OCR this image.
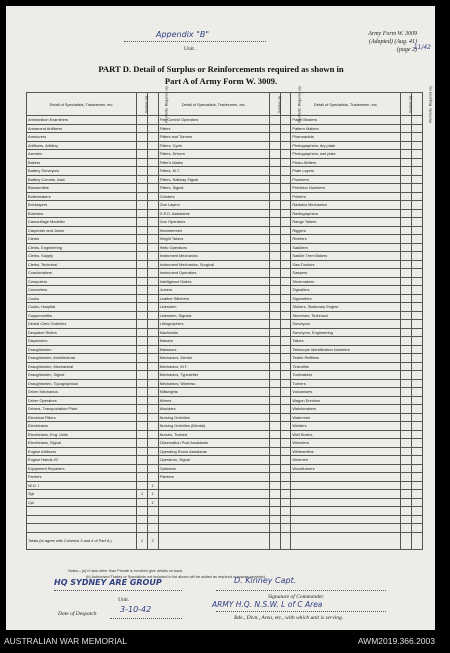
Appendix "B"
Unit.
Army Form W. 3009
(Adapted) (Aug. 41)
(page 2)
11/42
PART D. Detail of Surplus or Reinforcements required as shown in
Part A of Army Form W. 3009.
Detail of Specialists, Tradesmen, etc.	Surplus (a)	Reinforts. Required (a)	Detail of Specialists, Tradesmen, etc.	Surplus (a)	Reinforts. Required (a)	Detail of Specialists, Tradesmen, etc.	Surplus (a)	Reinforts. Required (a)
Ammunition Examiners			Fire Control Operators			Panel Beaters		
Armament Artificers			Fitters			Pattern Makers		
Armourers			Fitters and Turners			Pharmacists		
Artificers, Artillery			Fitters, Cycle			Photographers, dry plate		
Axemen			Fitters, Drivers			Photographers, wet plate		
Bakers			Fitter's Mates			Photo-Writers		
Battery Surveyors			Fitters, M.T.			Plate Layers		
Battery Comdrs. Asst.			Fitters, Railway Signal			Plumbers		
Blacksmiths			Fitters, Signal			Predictor Numbers		
Boilermakers			Grinders			Printers		
Bricklayers			Gun Layers			Radiator Mechanics		
Butchers			G.P.O. Assistants			Radiographers		
Camouflage Modeller			Gun Operators			Range Takers		
Carpenter and Joiner			Hammermen			Riggers		
Clerks			Height Takers			Riveters		
Clerks, Engineering			Helio Operators			Saddlers		
Clerks, Supply			Instrument Mechanics			Saddle Tree Makers		
Clerks, Technical			Instrument Mechanics, Surgical			Saw Doctors		
Coachmakers			Instrument Operators			Sawyers		
Computers			Intelligence Duties			Shoemakers		
Concreters			Joiners			Signallers		
Cooks			Leather Stitchers			Signwriters		
Cooks, Hospital			Linesmen			Stokers, Stationary Engine		
Coppersmiths			Linesmen, Signals			Storemen, Technical		
Dental Clerk Orderlies			Lithographers			Surveyors		
Despatch Riders			Machinists			Surveyors, Engineering		
Dispensers			Masons			Tailors		
Draughtsmen			Masseurs			Telescope Identification Numbers		
Draughtsmen, Architectural			Mechanics, Dental			Textile Refitters		
Draughtsmen, Mechanical			Mechanics, M.T.			Tinsmiths		
Draughtsmen, Signal			Mechanics, Typewriter			Toolmakers		
Draughtsmen, Topographical			Mechanics, Wireless			Turners		
Driver Mechanics			Millwrights			Vulcanisers		
Driver Operators			Miners			Wagon Erectors		
Drivers, Transportation Plant			Moulders			Watchmakers		
Electrical Fitters			Nursing Orderlies			Watermen		
Electricians			Nursing Orderlies (Mental)			Welders		
Electricians, Eng. Units			Nurses, Trained			Well Borers		
Electricians, Signal			Observation Post Assistants			Wheelers		
Engine Artificers			Operating Room Assistants			Whitesmiths		
Engine Hands I/C			Operators, Signal			Wiremen		
Equipment Repairers			Opticians			Woodturners		
Farriers			Painters					
W.O. I		1						
Sgt	1	1						
Cpl		1						

Totals (to agree with Columns 3 and 4 of Part A.)	1	2						
Notes—(a) If rank other than Private is involved give details on back.
(b) Authorised Trades or Specialists not included in list above will be added as required in spaces provided.
HQ SYDNEY ARE GROUP
Unit.
D. Kinney Capt.
Signature of Commander.
ARMY H.Q. N.S.W. L of C Area
Bde., Divn., Area, etc., with which unit is serving.
Date of Despatch	3-10-42
AUSTRALIAN WAR MEMORIAL	AWM2019.366.2003
